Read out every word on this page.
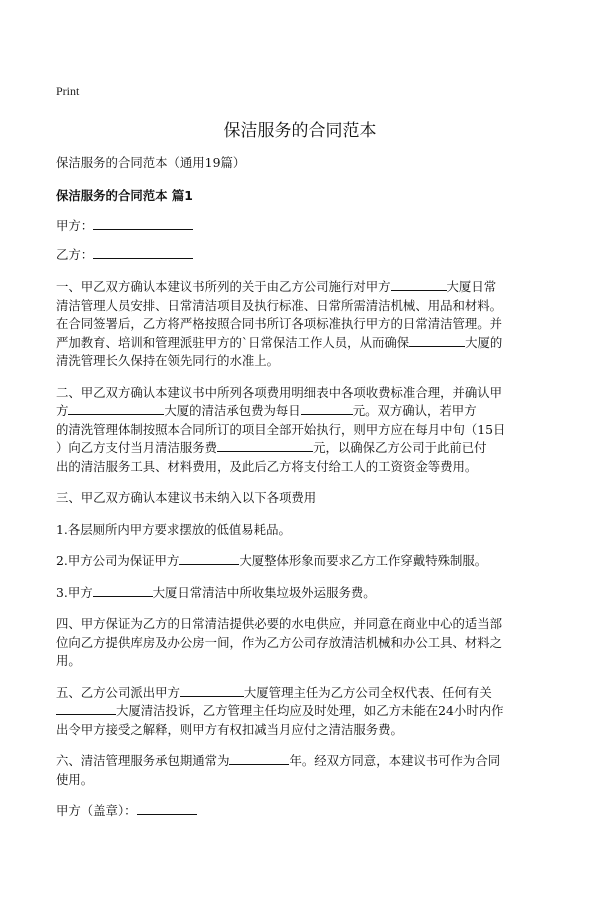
Print
保洁服务的合同范本

保洁服务的合同范本（通用19篇）

保洁服务的合同范本 篇1

甲方：

乙方：

一、甲乙双方确认本建议书所列的关于由乙方公司施行对甲方	大厦日常

清洁管理人员安排、日常清洁项目及执行标准、日常所需清洁机械、用品和材料。

在合同签署后，乙方将严格按照合同书所订各项标准执行甲方的日常清洁管理。并

严加教育、培训和管理派驻甲方的`日常保洁工作人员，从而确保	大厦的

清洗管理长久保持在领先同行的水准上。

二、甲乙双方确认本建议书中所列各项费用明细表中各项收费标准合理，并确认甲

方	大厦的清洁承包费为每日	元。双方确认，若甲方

的清洗管理体制按照本合同所订的项目全部开始执行，则甲方应在每月中旬（15日

）向乙方支付当月清洁服务费	元，以确保乙方公司于此前已付

出的清洁服务工具、材料费用，及此后乙方将支付给工人的工资资金等费用。

三、甲乙双方确认本建议书未纳入以下各项费用

1.各层厕所内甲方要求摆放的低值易耗品。

2.甲方公司为保证甲方	大厦整体形象而要求乙方工作穿戴特殊制服。

3.甲方	大厦日常清洁中所收集垃圾外运服务费。

四、甲方保证为乙方的日常清洁提供必要的水电供应，并同意在商业中心的适当部

位向乙方提供库房及办公房一间，作为乙方公司存放清洁机械和办公工具、材料之

用。

五、乙方公司派出甲方	大厦管理主任为乙方公司全权代表、任何有关

大厦清洁投诉，乙方管理主任均应及时处理，如乙方未能在24小时内作

出令甲方接受之解释，则甲方有权扣减当月应付之清洁服务费。

六、清洁管理服务承包期通常为	年。经双方同意，本建议书可作为合同

使用。

甲方（盖章）：
